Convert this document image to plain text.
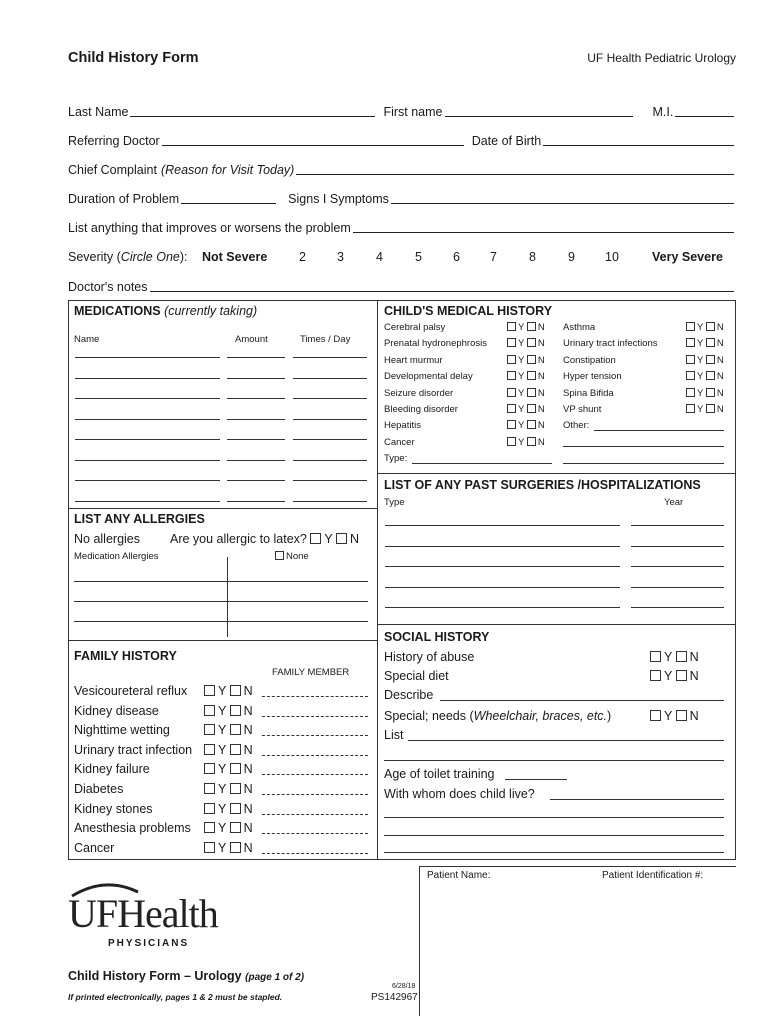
Child History Form	UF Health Pediatric Urology
Last Name	First name	M.I.
Referring Doctor	Date of Birth
Chief Complaint (Reason for Visit Today)
Duration of Problem	Signs I Symptoms
List anything that improves or worsens the problem
Severity (Circle One): Not Severe	2 3	4	5 6 7	8	9 10	Very Severe
Doctor's notes
MEDICATIONS (currently taking)
Name	Amount	Times / Day
LIST ANY ALLERGIES
No allergies Are you allergic to latex? Y N
Medication Allergies	None
FAMILY HISTORY
FAMILY MEMBER
Vesicoureteral reflux	Y N
Kidney disease	Y N
Nighttime wetting	Y N
Urinary tract infection	Y N
Kidney failure	Y N
Diabetes	Y N
Kidney stones	Y N
Anesthesia problems	Y N
Cancer	Y N
CHILD'S MEDICAL HISTORY
Cerebral palsy	Y N
Prenatal hydronephrosis	Y N
Heart murmur	Y N
Developmental delay	Y N
Seizure disorder	Y N
Bleeding disorder	Y N
Hepatitis	Y N
Cancer	Y N
Asthma	Y N
Urinary tract infections	Y N
Constipation	Y N
Hyper tension	Y N
Spina Bifida	Y N
VP shunt	Y N
Other:
Type:
LIST OF ANY PAST SURGERIES /HOSPITALIZATIONS
Type	Year
SOCIAL HISTORY
History of abuse	Y N
Special diet	Y N
Describe
Special; needs (Wheelchair, braces, etc.)	Y N
List
Age of toilet training
With whom does child live?
Patient Name:	Patient Identification #:
UFHealth
PHYSICIANS
Child History Form – Urology (page 1 of 2)
If printed electronically, pages 1 & 2 must be stapled.
6/28/18
PS142967
